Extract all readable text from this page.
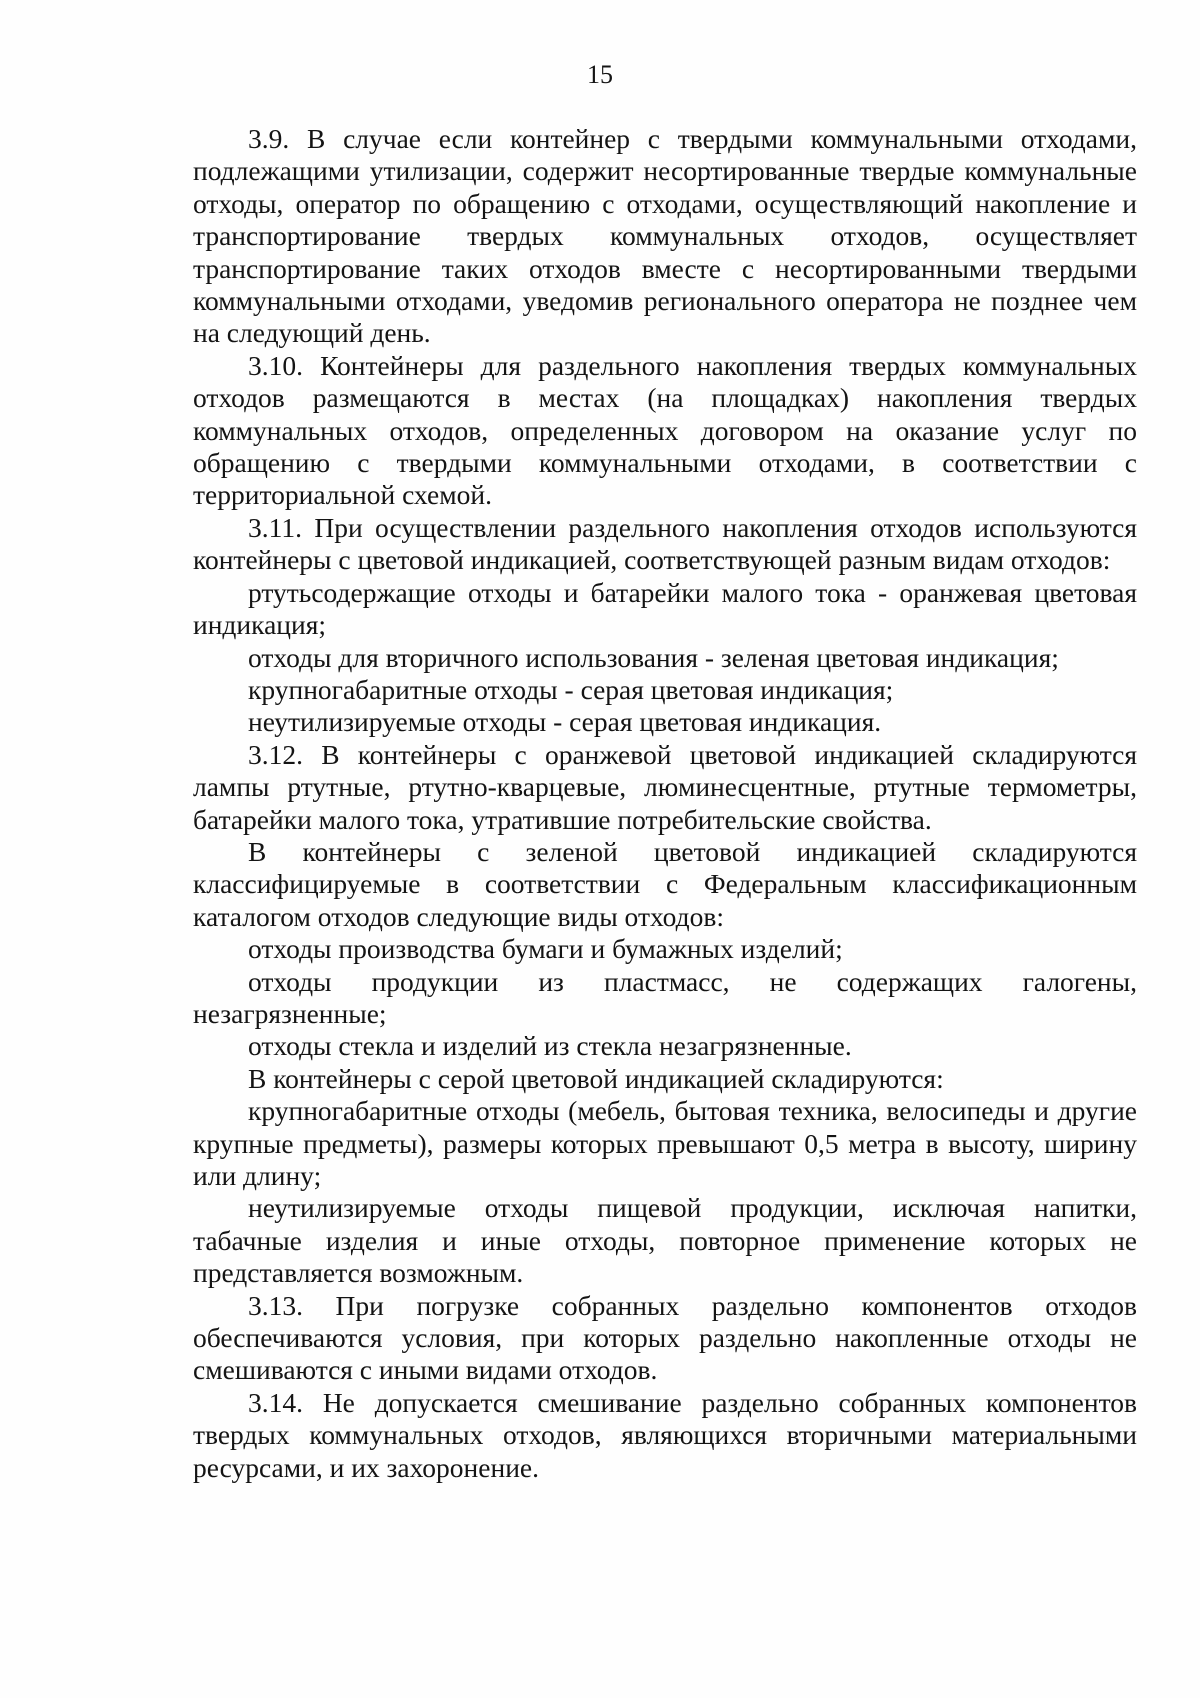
15

3.9. В случае если контейнер с твердыми коммунальными отходами, подлежащими утилизации, содержит несортированные твердые коммунальные отходы, оператор по обращению с отходами, осуществляющий накопление и транспортирование твердых коммунальных отходов, осуществляет транспортирование таких отходов вместе с несортированными твердыми коммунальными отходами, уведомив регионального оператора не позднее чем на следующий день.

3.10. Контейнеры для раздельного накопления твердых коммунальных отходов размещаются в местах (на площадках) накопления твердых коммунальных отходов, определенных договором на оказание услуг по обращению с твердыми коммунальными отходами, в соответствии с территориальной схемой.

3.11. При осуществлении раздельного накопления отходов используются контейнеры с цветовой индикацией, соответствующей разным видам отходов:

ртутьсодержащие отходы и батарейки малого тока - оранжевая цветовая индикация;

отходы для вторичного использования - зеленая цветовая индикация;

крупногабаритные отходы - серая цветовая индикация;

неутилизируемые отходы - серая цветовая индикация.

3.12. В контейнеры с оранжевой цветовой индикацией складируются лампы ртутные, ртутно-кварцевые, люминесцентные, ртутные термометры, батарейки малого тока, утратившие потребительские свойства.

В контейнеры с зеленой цветовой индикацией складируются классифицируемые в соответствии с Федеральным классификационным каталогом отходов следующие виды отходов:

отходы производства бумаги и бумажных изделий;

отходы продукции из пластмасс, не содержащих галогены, незагрязненные;

отходы стекла и изделий из стекла незагрязненные.

В контейнеры с серой цветовой индикацией складируются:

крупногабаритные отходы (мебель, бытовая техника, велосипеды и другие крупные предметы), размеры которых превышают 0,5 метра в высоту, ширину или длину;

неутилизируемые отходы пищевой продукции, исключая напитки, табачные изделия и иные отходы, повторное применение которых не представляется возможным.

3.13. При погрузке собранных раздельно компонентов отходов обеспечиваются условия, при которых раздельно накопленные отходы не смешиваются с иными видами отходов.

3.14. Не допускается смешивание раздельно собранных компонентов твердых коммунальных отходов, являющихся вторичными материальными ресурсами, и их захоронение.
